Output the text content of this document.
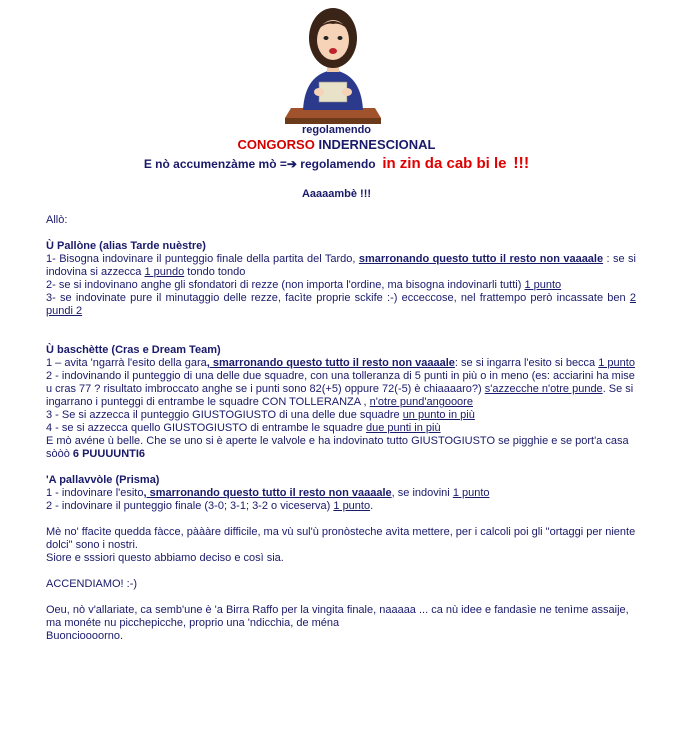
regolamendo
CONGORSO INDERNESCIONAL
E nò accumenzàme mò =➔ regolamendo in zin da cab bi le !!!
Aaaaambè !!!

Allò:

Ù Pallòne (alias Tarde nuèstre)

1- Bisogna indovinare il punteggio finale della partita del Tardo, smarronando questo tutto il resto non vaaaale : se si indovina si azzecca 1 pundo tondo tondo

2- se si indovinano anghe gli sfondatori di rezze (non importa l'ordine, ma bisogna indovinarli tutti) 1 punto

3- se indovinate pure il minutaggio delle rezze, facìte proprie sckife :-) ecceccose, nel frattempo però incassate ben 2 pundi 2

Ù baschètte (Cras e Dream Team)

1 – avita 'ngarrà l'esito della gara, smarronando questo tutto il resto non vaaaale: se si ingarra l'esito si becca 1 punto

2 - indovinando il punteggio di una delle due squadre, con una tolleranza di 5 punti in più o in meno (es: acciarini ha mise u cras 77 ? risultato imbroccato anghe se i punti sono 82(+5) oppure 72(-5) è chiaaaaro?) s'azzecche n'otre punde. Se si ingarrano i punteggi di entrambe le squadre CON TOLLERANZA , n'otre pund'angooore

3 - Se si azzecca il punteggio GIUSTOGIUSTO di una delle due squadre un punto in più

4 - se si azzecca quello GIUSTOGIUSTO di entrambe le squadre due punti in più

E mò avéne ù belle. Che se uno si è aperte le valvole e ha indovinato tutto GIUSTOGIUSTO se pigghie e se port'a casa sòòò 6 PUUUUNTI6

'A pallavvòle (Prisma)

1 - indovinare l'esito, smarronando questo tutto il resto non vaaaale, se indovini 1 punto

2 - indovinare il punteggio finale (3-0; 3-1; 3-2 o viceserva) 1 punto.

Mè no' ffacìte quedda fàcce, pàààre difficile, ma vù sul'ù pronòsteche avìta mettere, per i calcoli poi gli "ortaggi per niente dolci" sono i nostri.

Siore e sssiori questo abbiamo deciso e così sia.

ACCENDIAMO! :-)

Oeu, nò v'allariate, ca semb'une è 'a Birra Raffo per la vingita finale, naaaaa ... ca nù idee e fandasìe ne tenìme assaije, ma monéte nu picchepicche, proprio una 'ndicchia, de ména

Buoncioooorno.
